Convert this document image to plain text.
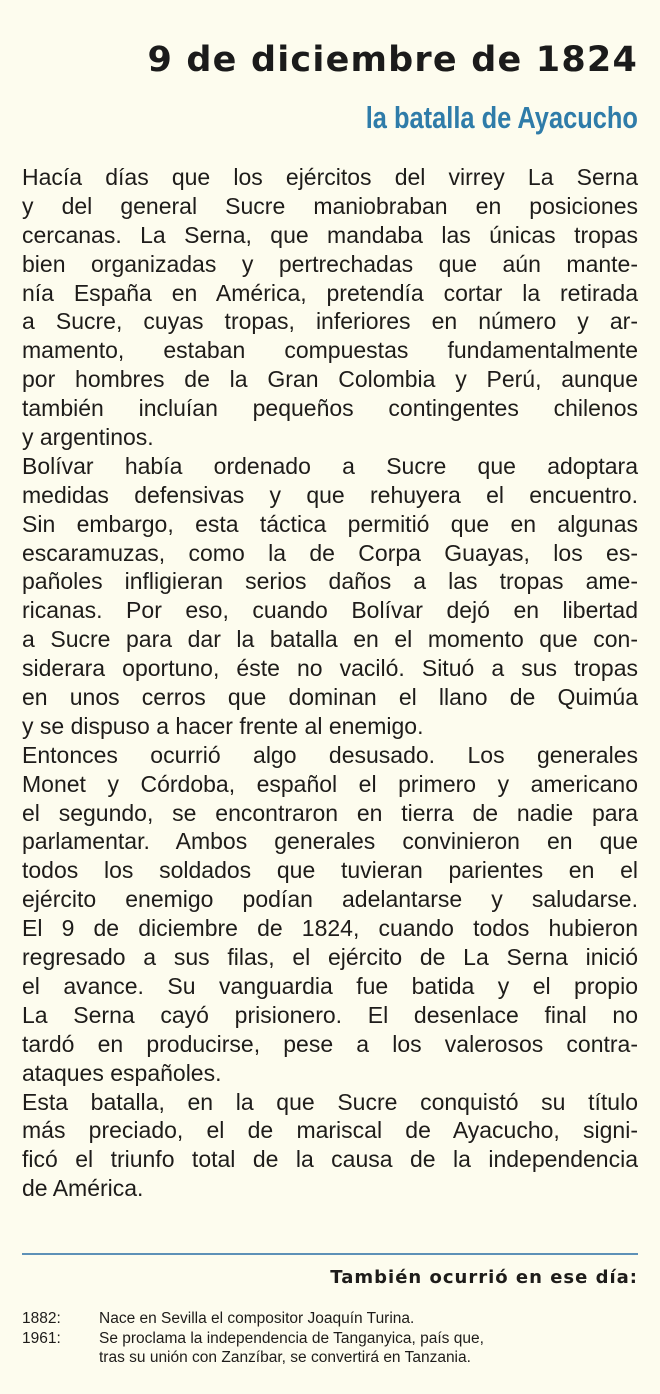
9 de diciembre de 1824
la batalla de Ayacucho
Hacía días que los ejércitos del virrey La Serna
y del general Sucre maniobraban en posiciones
cercanas. La Serna, que mandaba las únicas tropas
bien organizadas y pertrechadas que aún mante-
nía España en América, pretendía cortar la retirada
a Sucre, cuyas tropas, inferiores en número y ar-
mamento, estaban compuestas fundamentalmente
por hombres de la Gran Colombia y Perú, aunque
también incluían pequeños contingentes chilenos
y argentinos.
Bolívar había ordenado a Sucre que adoptara
medidas defensivas y que rehuyera el encuentro.
Sin embargo, esta táctica permitió que en algunas
escaramuzas, como la de Corpa Guayas, los es-
pañoles infligieran serios daños a las tropas ame-
ricanas. Por eso, cuando Bolívar dejó en libertad
a Sucre para dar la batalla en el momento que con-
siderara oportuno, éste no vaciló. Situó a sus tropas
en unos cerros que dominan el llano de Quimúa
y se dispuso a hacer frente al enemigo.
Entonces ocurrió algo desusado. Los generales
Monet y Córdoba, español el primero y americano
el segundo, se encontraron en tierra de nadie para
parlamentar. Ambos generales convinieron en que
todos los soldados que tuvieran parientes en el
ejército enemigo podían adelantarse y saludarse.
El 9 de diciembre de 1824, cuando todos hubieron
regresado a sus filas, el ejército de La Serna inició
el avance. Su vanguardia fue batida y el propio
La Serna cayó prisionero. El desenlace final no
tardó en producirse, pese a los valerosos contra-
ataques españoles.
Esta batalla, en la que Sucre conquistó su título
más preciado, el de mariscal de Ayacucho, signi-
ficó el triunfo total de la causa de la independencia
de América.
También ocurrió en ese día:
1882:	Nace en Sevilla el compositor Joaquín Turina.
1961:	Se proclama la independencia de Tanganyica, país que,
tras su unión con Zanzíbar, se convertirá en Tanzania.
